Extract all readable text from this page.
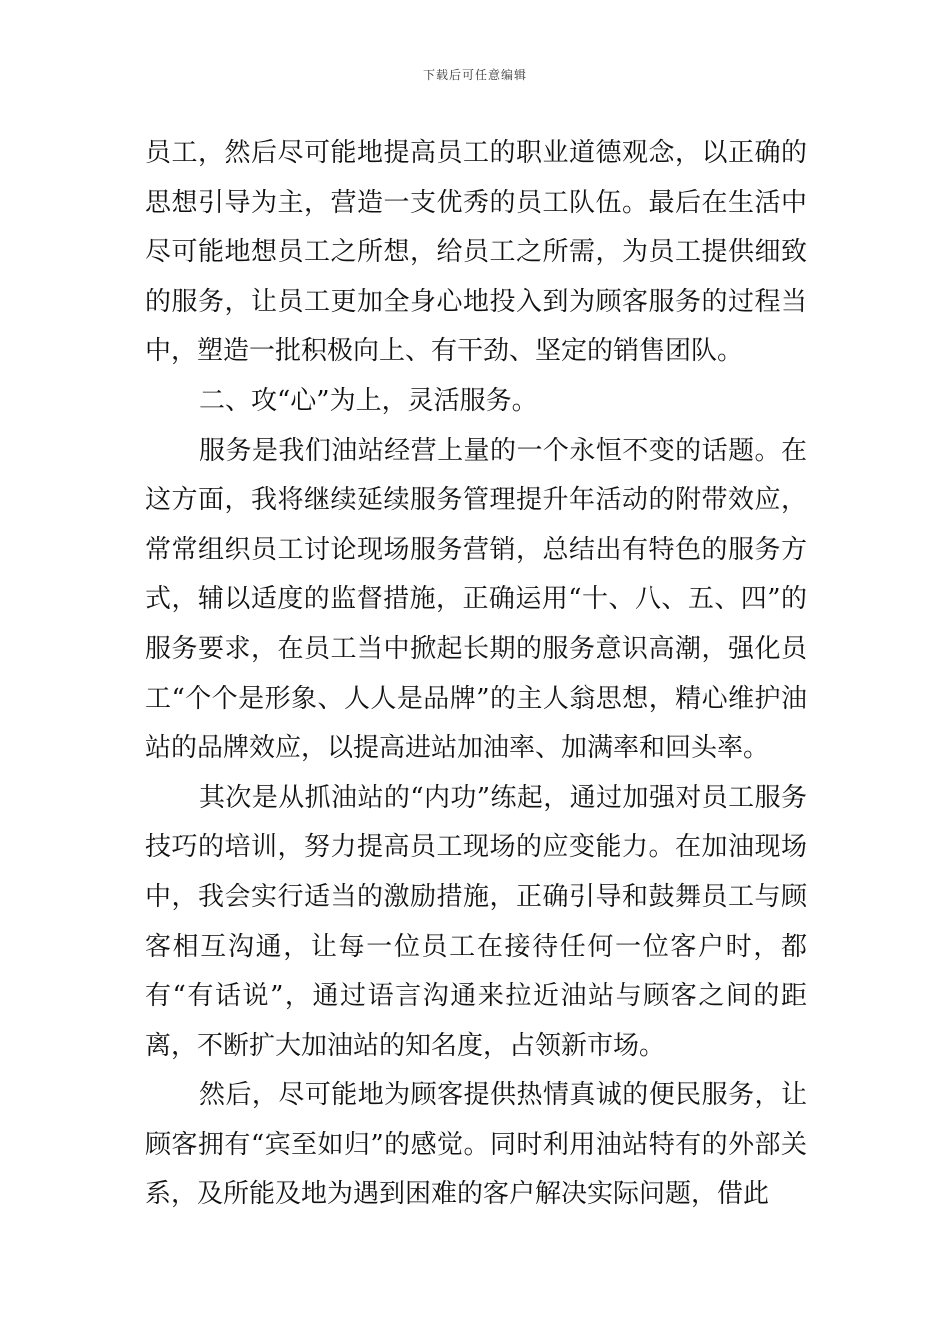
下载后可任意编辑

员工，然后尽可能地提高员工的职业道德观念，以正确的思想引导为主，营造一支优秀的员工队伍。最后在生活中尽可能地想员工之所想，给员工之所需，为员工提供细致的服务，让员工更加全身心地投入到为顾客服务的过程当中，塑造一批积极向上、有干劲、坚定的销售团队。

二、攻“心”为上，灵活服务。

服务是我们油站经营上量的一个永恒不变的话题。在这方面，我将继续延续服务管理提升年活动的附带效应，常常组织员工讨论现场服务营销，总结出有特色的服务方式，辅以适度的监督措施，正确运用“十、八、五、四”的服务要求，在员工当中掀起长期的服务意识高潮，强化员工“个个是形象、人人是品牌”的主人翁思想，精心维护油站的品牌效应，以提高进站加油率、加满率和回头率。

其次是从抓油站的“内功”练起，通过加强对员工服务技巧的培训，努力提高员工现场的应变能力。在加油现场中，我会实行适当的激励措施，正确引导和鼓舞员工与顾客相互沟通，让每一位员工在接待任何一位客户时，都有“有话说”，通过语言沟通来拉近油站与顾客之间的距离，不断扩大加油站的知名度，占领新市场。

然后，尽可能地为顾客提供热情真诚的便民服务，让顾客拥有“宾至如归”的感觉。同时利用油站特有的外部关系，及所能及地为遇到困难的客户解决实际问题，借此
